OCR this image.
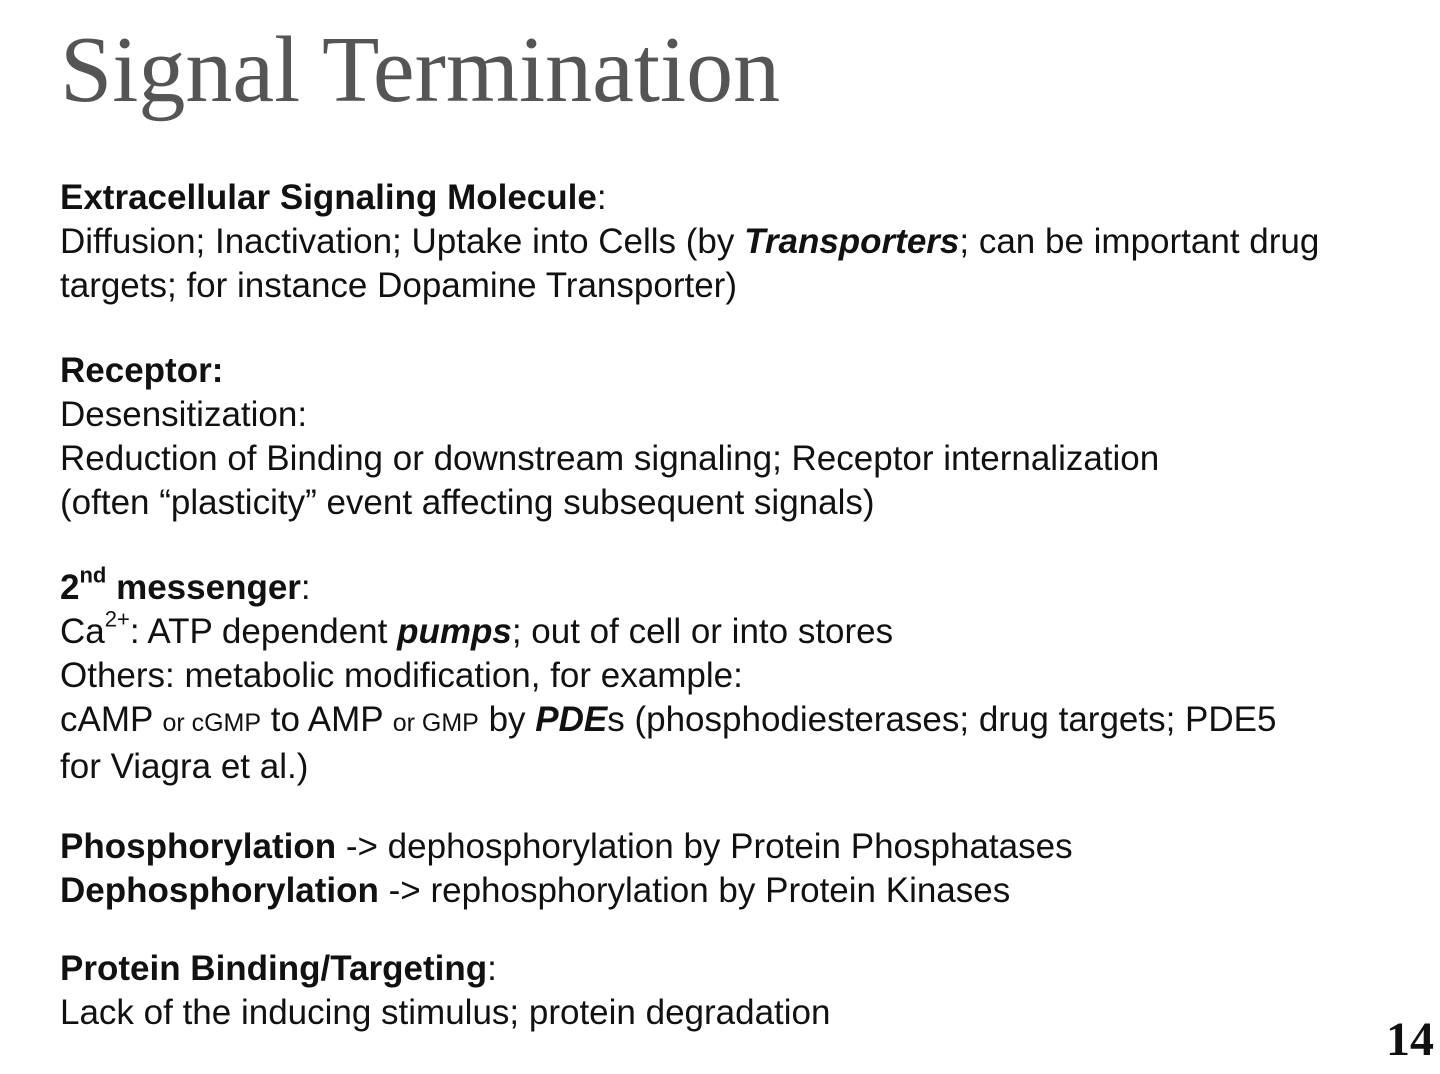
Signal Termination

Extracellular Signaling Molecule:

Diffusion; Inactivation; Uptake into Cells (by Transporters; can be important drug

targets; for instance Dopamine Transporter)

Receptor:

Desensitization:

Reduction of Binding or downstream signaling; Receptor internalization

(often “plasticity” event affecting subsequent signals)

2nd messenger:

$Ca^{2+}$: ATP dependent pumps; out of cell or into stores

Others: metabolic modification, for example:

cAMP or cGMP to AMP or GMP by PDEs (phosphodiesterases; drug targets; PDE5

for Viagra et al.)

Phosphorylation -> dephosphorylation by Protein Phosphatases

Dephosphorylation -> rephosphorylation by Protein Kinases

Protein Binding/Targeting:

Lack of the inducing stimulus; protein degradation

14
